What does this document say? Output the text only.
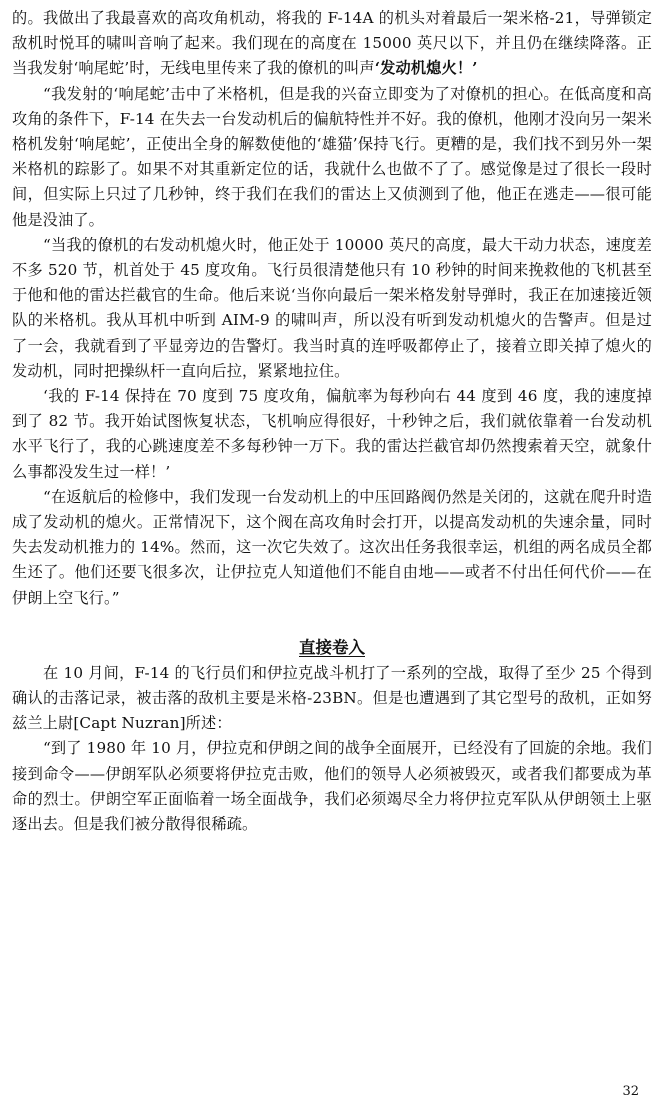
的。我做出了我最喜欢的高攻角机动，将我的 F-14A 的机头对着最后一架米格-21，导弹锁定敌机时悦耳的啸叫音响了起来。我们现在的高度在 15000 英尺以下，并且仍在继续降落。正当我发射‘响尾蛇’时，无线电里传来了我的僚机的叫声‘发动机熄火！’

“我发射的‘响尾蛇’击中了米格机，但是我的兴奋立即变为了对僚机的担心。在低高度和高攻角的条件下，F-14 在失去一台发动机后的偏航特性并不好。我的僚机，他刚才没向另一架米格机发射‘响尾蛇’，正使出全身的解数使他的‘雄猫’保持飞行。更糟的是，我们找不到另外一架米格机的踪影了。如果不对其重新定位的话，我就什么也做不了了。感觉像是过了很长一段时间，但实际上只过了几秒钟，终于我们在我们的雷达上又侦测到了他，他正在逃走——很可能他是没油了。

“当我的僚机的右发动机熄火时，他正处于 10000 英尺的高度，最大干动力状态，速度差不多 520 节，机首处于 45 度攻角。飞行员很清楚他只有 10 秒钟的时间来挽救他的飞机甚至于他和他的雷达拦截官的生命。他后来说‘当你向最后一架米格发射导弹时，我正在加速接近领队的米格机。我从耳机中听到 AIM-9 的啸叫声，所以没有听到发动机熄火的告警声。但是过了一会，我就看到了平显旁边的告警灯。我当时真的连呼吸都停止了，接着立即关掉了熄火的发动机，同时把操纵杆一直向后拉，紧紧地拉住。

‘我的 F-14 保持在 70 度到 75 度攻角，偏航率为每秒向右 44 度到 46 度，我的速度掉到了 82 节。我开始试图恢复状态，飞机响应得很好，十秒钟之后，我们就依靠着一台发动机水平飞行了，我的心跳速度差不多每秒钟一万下。我的雷达拦截官却仍然搜索着天空，就象什么事都没发生过一样！’

“在返航后的检修中，我们发现一台发动机上的中压回路阀仍然是关闭的，这就在爬升时造成了发动机的熄火。正常情况下，这个阀在高攻角时会打开，以提高发动机的失速余量，同时失去发动机推力的 14%。然而，这一次它失效了。这次出任务我很幸运，机组的两名成员全都生还了。他们还要飞很多次，让伊拉克人知道他们不能自由地——或者不付出任何代价——在伊朗上空飞行。”

直接卷入

在 10 月间，F-14 的飞行员们和伊拉克战斗机打了一系列的空战，取得了至少 25 个得到确认的击落记录，被击落的敌机主要是米格-23BN。但是也遭遇到了其它型号的敌机，正如努兹兰上尉[Capt Nuzran]所述：

“到了 1980 年 10 月，伊拉克和伊朗之间的战争全面展开，已经没有了回旋的余地。我们接到命令——伊朗军队必须要将伊拉克击败，他们的领导人必须被毁灭，或者我们都要成为革命的烈士。伊朗空军正面临着一场全面战争，我们必须竭尽全力将伊拉克军队从伊朗领土上驱逐出去。但是我们被分散得很稀疏。

32
